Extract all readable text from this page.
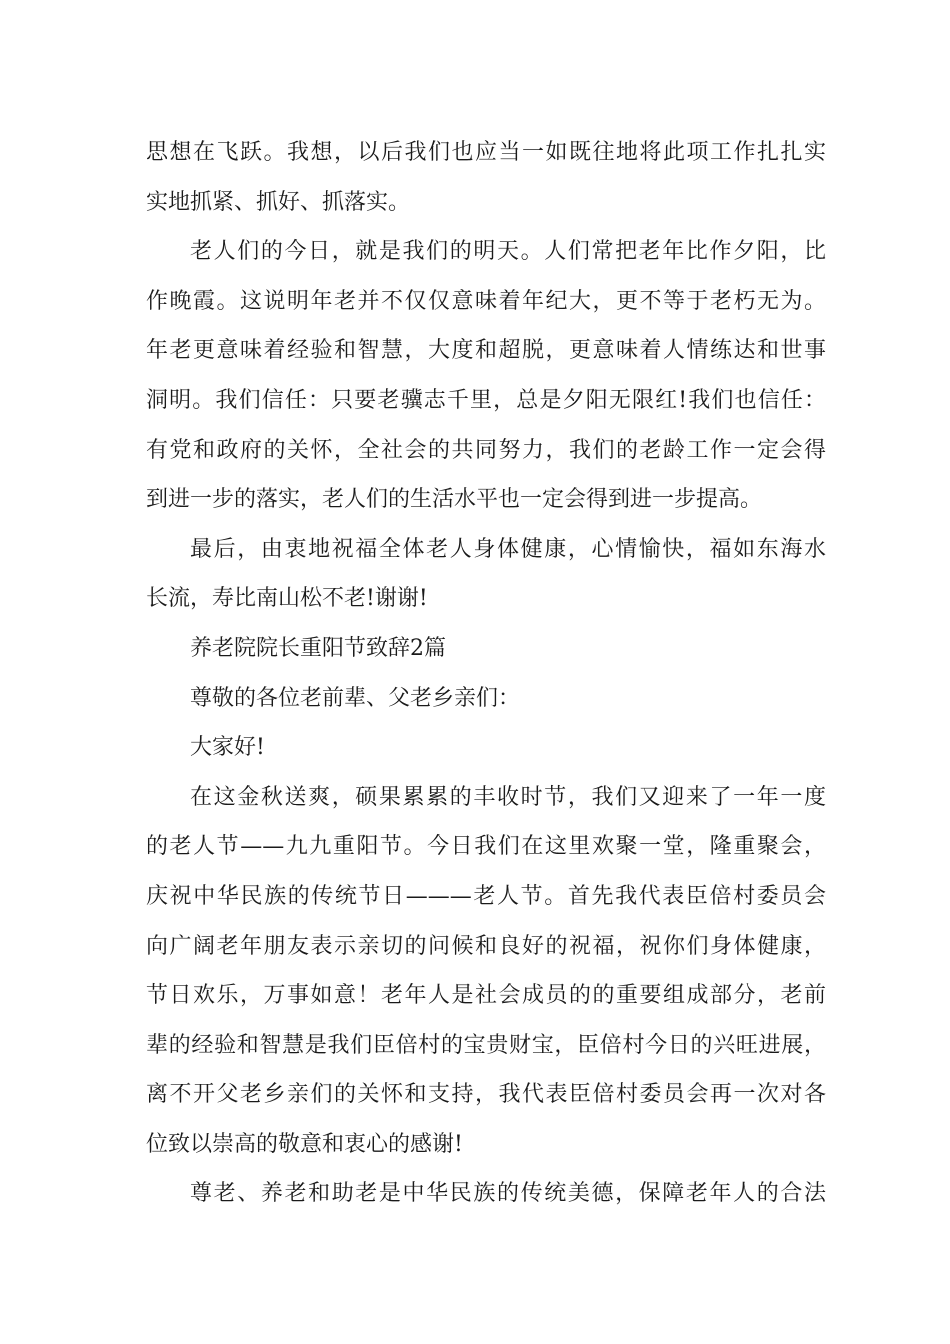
思想在飞跃。我想，以后我们也应当一如既往地将此项工作扎扎实
实地抓紧、抓好、抓落实。
老人们的今日，就是我们的明天。人们常把老年比作夕阳，比
作晚霞。这说明年老并不仅仅意味着年纪大，更不等于老朽无为。
年老更意味着经验和智慧，大度和超脱，更意味着人情练达和世事
洞明。我们信任：只要老骥志千里，总是夕阳无限红!我们也信任：
有党和政府的关怀，全社会的共同努力，我们的老龄工作一定会得
到进一步的落实，老人们的生活水平也一定会得到进一步提高。
最后，由衷地祝福全体老人身体健康，心情愉快，福如东海水
长流，寿比南山松不老!谢谢!
养老院院长重阳节致辞2篇
尊敬的各位老前辈、父老乡亲们：
大家好!
在这金秋送爽，硕果累累的丰收时节，我们又迎来了一年一度
的老人节——九九重阳节。今日我们在这里欢聚一堂，隆重聚会，
庆祝中华民族的传统节日———老人节。首先我代表臣倍村委员会
向广阔老年朋友表示亲切的问候和良好的祝福，祝你们身体健康，
节日欢乐，万事如意！老年人是社会成员的的重要组成部分，老前
辈的经验和智慧是我们臣倍村的宝贵财宝，臣倍村今日的兴旺进展，
离不开父老乡亲们的关怀和支持，我代表臣倍村委员会再一次对各
位致以崇高的敬意和衷心的感谢!
尊老、养老和助老是中华民族的传统美德，保障老年人的合法
